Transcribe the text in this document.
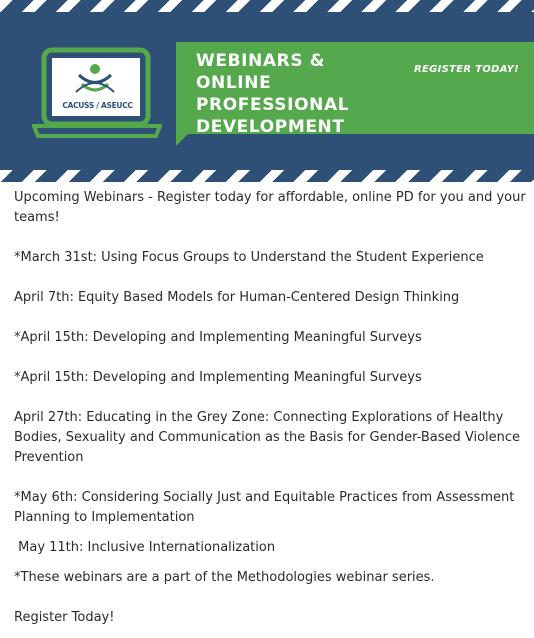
CACUSS / ASEUCC
WEBINARS & ONLINE
PROFESSIONAL
DEVELOPMENT
REGISTER TODAY!

Upcoming Webinars - Register today for affordable, online PD for you and your teams!

*March 31st: Using Focus Groups to Understand the Student Experience

April 7th: Equity Based Models for Human-Centered Design Thinking

*April 15th: Developing and Implementing Meaningful Surveys

*April 15th: Developing and Implementing Meaningful Surveys

April 27th: Educating in the Grey Zone: Connecting Explorations of Healthy Bodies, Sexuality and Communication as the Basis for Gender-Based Violence Prevention

*May 6th: Considering Socially Just and Equitable Practices from Assessment Planning to Implementation

May 11th: Inclusive Internationalization

*These webinars are a part of the Methodologies webinar series.

Register Today!
